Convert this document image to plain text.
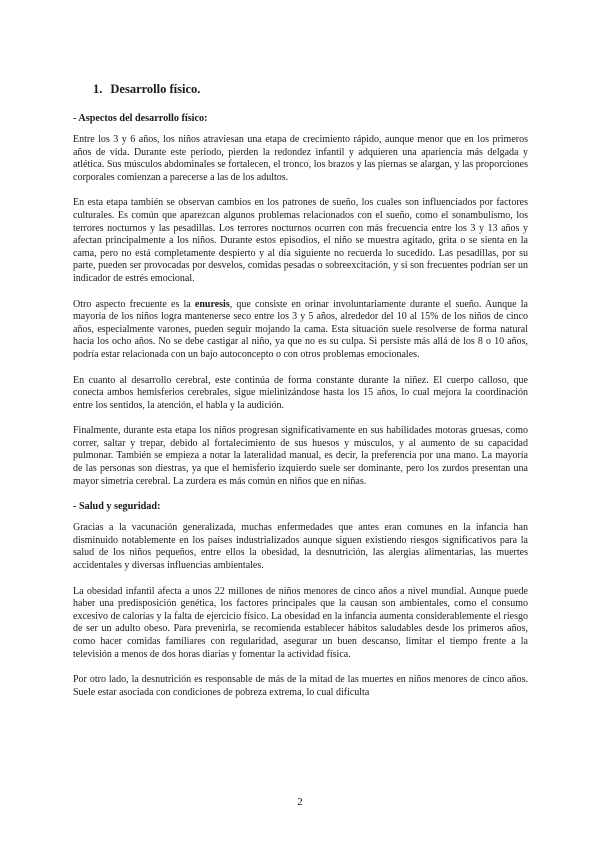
1. Desarrollo físico.
- Aspectos del desarrollo físico:

Entre los 3 y 6 años, los niños atraviesan una etapa de crecimiento rápido, aunque menor que en los primeros años de vida. Durante este periodo, pierden la redondez infantil y adquieren una apariencia más delgada y atlética. Sus músculos abdominales se fortalecen, el tronco, los brazos y las piernas se alargan, y las proporciones corporales comienzan a parecerse a las de los adultos.

En esta etapa también se observan cambios en los patrones de sueño, los cuales son influenciados por factores culturales. Es común que aparezcan algunos problemas relacionados con el sueño, como el sonambulismo, los terrores nocturnos y las pesadillas. Los terrores nocturnos ocurren con más frecuencia entre los 3 y 13 años y afectan principalmente a los niños. Durante estos episodios, el niño se muestra agitado, grita o se sienta en la cama, pero no está completamente despierto y al día siguiente no recuerda lo sucedido. Las pesadillas, por su parte, pueden ser provocadas por desvelos, comidas pesadas o sobreexcitación, y si son frecuentes podrían ser un indicador de estrés emocional.

Otro aspecto frecuente es la enuresis, que consiste en orinar involuntariamente durante el sueño. Aunque la mayoría de los niños logra mantenerse seco entre los 3 y 5 años, alrededor del 10 al 15% de los niños de cinco años, especialmente varones, pueden seguir mojando la cama. Esta situación suele resolverse de forma natural hacia los ocho años. No se debe castigar al niño, ya que no es su culpa. Si persiste más allá de los 8 o 10 años, podría estar relacionada con un bajo autoconcepto o con otros problemas emocionales.

En cuanto al desarrollo cerebral, este continúa de forma constante durante la niñez. El cuerpo calloso, que conecta ambos hemisferios cerebrales, sigue mielinizándose hasta los 15 años, lo cual mejora la coordinación entre los sentidos, la atención, el habla y la audición.

Finalmente, durante esta etapa los niños progresan significativamente en sus habilidades motoras gruesas, como correr, saltar y trepar, debido al fortalecimiento de sus huesos y músculos, y al aumento de su capacidad pulmonar. También se empieza a notar la lateralidad manual, es decir, la preferencia por una mano. La mayoría de las personas son diestras, ya que el hemisferio izquierdo suele ser dominante, pero los zurdos presentan una mayor simetría cerebral. La zurdera es más común en niños que en niñas.

- Salud y seguridad:

Gracias a la vacunación generalizada, muchas enfermedades que antes eran comunes en la infancia han disminuido notablemente en los países industrializados aunque siguen existiendo riesgos significativos para la salud de los niños pequeños, entre ellos la obesidad, la desnutrición, las alergias alimentarias, las muertes accidentales y diversas influencias ambientales.

La obesidad infantil afecta a unos 22 millones de niños menores de cinco años a nivel mundial. Aunque puede haber una predisposición genética, los factores principales que la causan son ambientales, como el consumo excesivo de calorías y la falta de ejercicio físico. La obesidad en la infancia aumenta considerablemente el riesgo de ser un adulto obeso. Para prevenirla, se recomienda establecer hábitos saludables desde los primeros años, como hacer comidas familiares con regularidad, asegurar un buen descanso, limitar el tiempo frente a la televisión a menos de dos horas diarias y fomentar la actividad física.

Por otro lado, la desnutrición es responsable de más de la mitad de las muertes en niños menores de cinco años. Suele estar asociada con condiciones de pobreza extrema, lo cual dificulta

2
